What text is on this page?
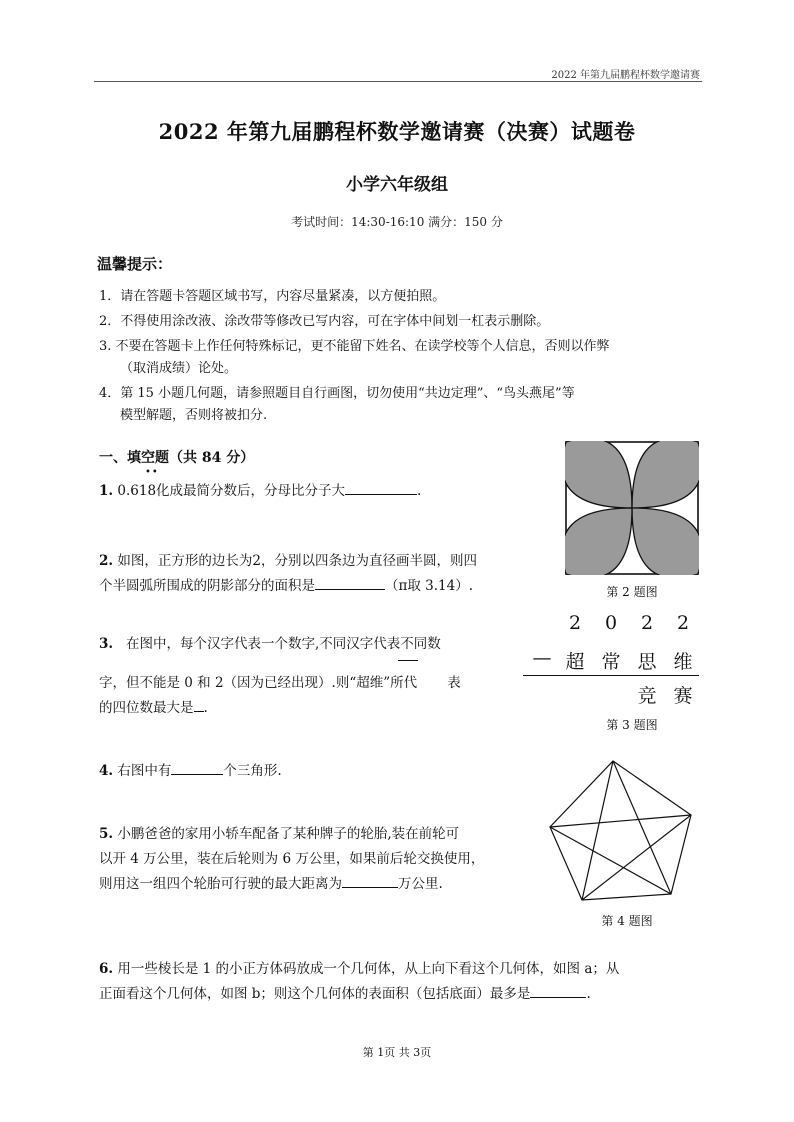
2022 年第九届鹏程杯数学邀请赛
2022 年第九届鹏程杯数学邀请赛（决赛）试题卷
小学六年级组
考试时间：14:30-16:10 满分：150 分
温馨提示：
1．请在答题卡答题区域书写，内容尽量紧凑，以方便拍照。
2．不得使用涂改液、涂改带等修改已写内容，可在字体中间划一杠表示删除。
3. 不要在答题卡上作任何特殊标记，更不能留下姓名、在读学校等个人信息，否则以作弊
（取消成绩）论处。
4．第 15 小题几何题，请参照题目自行画图，切勿使用“共边定理”、“鸟头燕尾”等
模型解题，否则将被扣分.
一、填空题（共 84 分）
••
1. 0.618化成最简分数后，分母比分子大	.
2. 如图，正方形的边长为2，分别以四条边为直径画半圆，则四
个半圆弧所围成的阴影部分的面积是	（π取 3.14）.	第 2 题图
3. 在图中，每个汉字代表一个数字,不同汉字代表不同数
字，但不能是 0 和 2（因为已经出现）.则“超维”所代 表
的四位数最大是 .
2	0	2	2
— 超 常 思 维
竞 赛
第 3 题图
4. 右图中有	个三角形.
第 4 题图
5. 小鹏爸爸的家用小轿车配备了某种牌子的轮胎,装在前轮可
以开 4 万公里，装在后轮则为 6 万公里，如果前后轮交换使用，
则用这一组四个轮胎可行驶的最大距离为	万公里.
6. 用一些棱长是 1 的小正方体码放成一个几何体，从上向下看这个几何体，如图 a；从
正面看这个几何体，如图 b；则这个几何体的表面积（包括底面）最多是	.
第 1页 共 3页
